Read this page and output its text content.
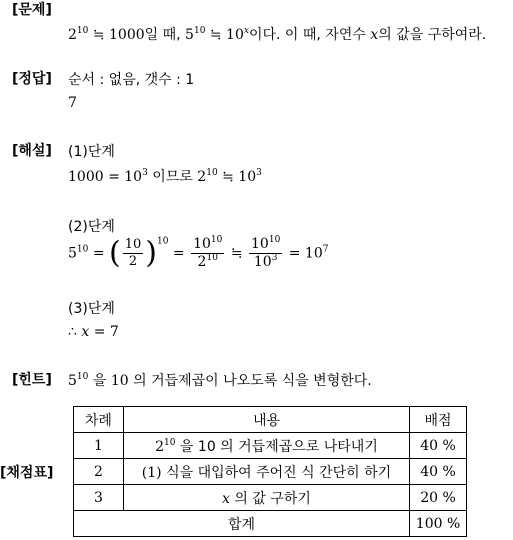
[문제]
[정답]
[해설]
[힌트]
[채점표]
$2^{10}$ ≒ 1000일 때, $5^{10}$ ≒ 10$^x$이다. 이 때, 자연수 x의 값을 구하여라.
순서 : 없음, 갯수 : 1
7
(1)단계
$1000 = 10^3$ 이므로 $2^{10}$ ≒ $10^3$
(2)단계
$5^{10}$ = ( $\frac{10}{2} )^{10} = \frac{10^{10}}{2^{10}}$ ≒ $\frac{10^{10}}{10^3} = 10^7$
(3)단계
∴ x = 7
$5^{10}$ 을 10 의 거듭제곱이 나오도록 식을 변형한다.
차례	내용	배점
1	$2^{10}$ 을 10 의 거듭제곱으로 나타내기	40 %
2	(1) 식을 대입하여 주어진 식 간단히 하기	40 %
3	x 의 값 구하기	20 %
합계		100 %
